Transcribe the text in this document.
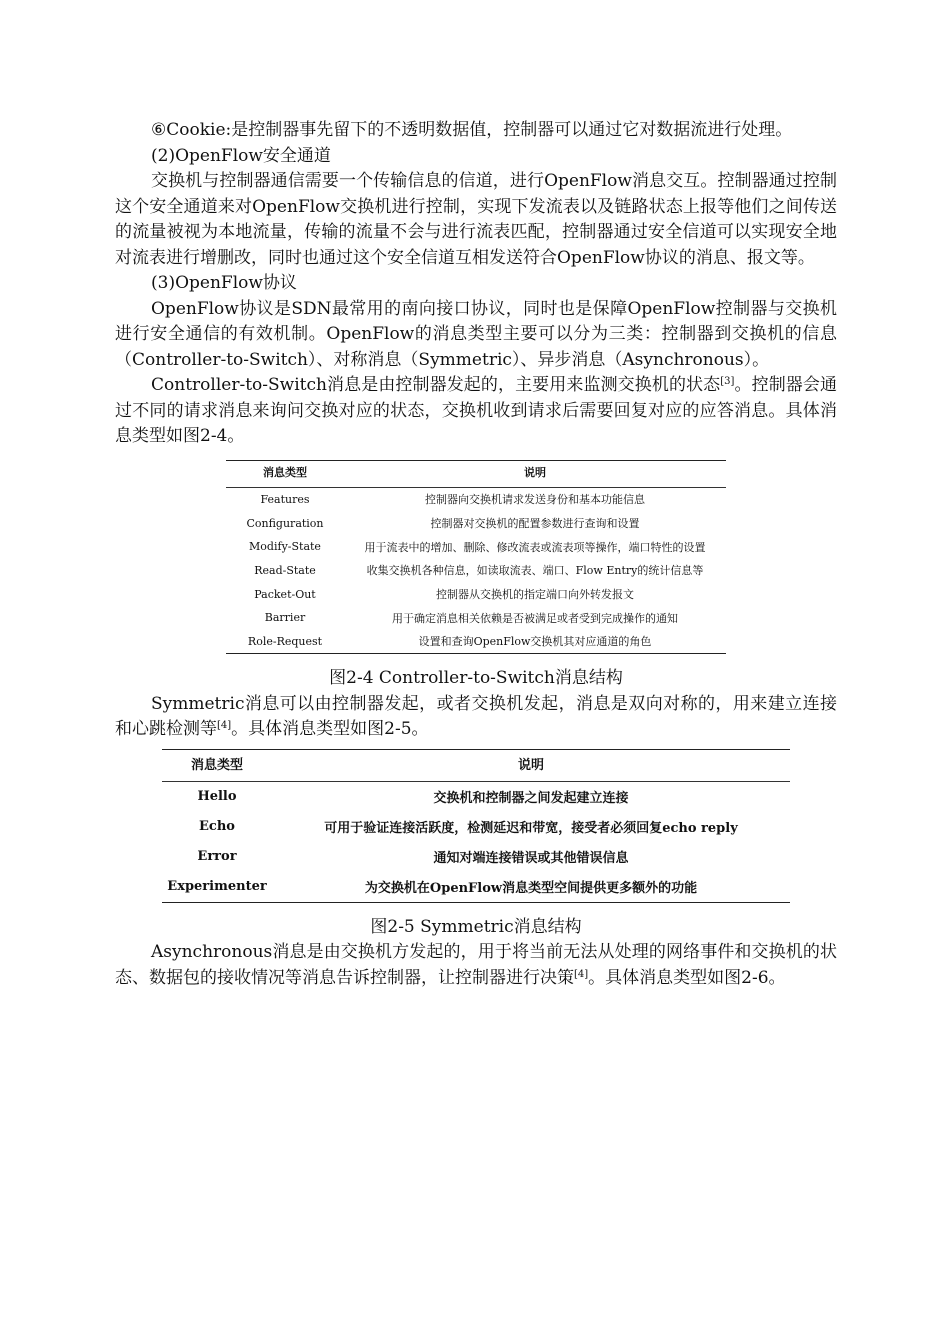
⑥Cookie:是控制器事先留下的不透明数据值，控制器可以通过它对数据流进行处理。

(2)OpenFlow安全通道

交换机与控制器通信需要一个传输信息的信道，进行OpenFlow消息交互。控制器通过控制这个安全通道来对OpenFlow交换机进行控制，实现下发流表以及链路状态上报等他们之间传送的流量被视为本地流量，传输的流量不会与进行流表匹配，控制器通过安全信道可以实现安全地对流表进行增删改，同时也通过这个安全信道互相发送符合OpenFlow协议的消息、报文等。

(3)OpenFlow协议

OpenFlow协议是SDN最常用的南向接口协议，同时也是保障OpenFlow控制器与交换机进行安全通信的有效机制。OpenFlow的消息类型主要可以分为三类：控制器到交换机的信息（Controller-to-Switch）、对称消息（Symmetric）、异步消息（Asynchronous）。

Controller-to-Switch消息是由控制器发起的，主要用来监测交换机的状态[3]。控制器会通过不同的请求消息来询问交换对应的状态，交换机收到请求后需要回复对应的应答消息。具体消息类型如图2-4。

消息类型	说明
Features	控制器向交换机请求发送身份和基本功能信息
Configuration	控制器对交换机的配置参数进行查询和设置
Modify-State	用于流表中的增加、删除、修改流表或流表项等操作，端口特性的设置
Read-State	收集交换机各种信息，如读取流表、端口、Flow Entry的统计信息等
Packet-Out	控制器从交换机的指定端口向外转发报文
Barrier	用于确定消息相关依赖是否被满足或者受到完成操作的通知
Role-Request	设置和查询OpenFlow交换机其对应通道的角色

图2-4 Controller-to-Switch消息结构

Symmetric消息可以由控制器发起，或者交换机发起，消息是双向对称的，用来建立连接和心跳检测等[4]。具体消息类型如图2-5。

消息类型	说明
Hello	交换机和控制器之间发起建立连接
Echo	可用于验证连接活跃度，检测延迟和带宽，接受者必须回复echo reply
Error	通知对端连接错误或其他错误信息
Experimenter	为交换机在OpenFlow消息类型空间提供更多额外的功能

图2-5 Symmetric消息结构

Asynchronous消息是由交换机方发起的，用于将当前无法从处理的网络事件和交换机的状态、数据包的接收情况等消息告诉控制器，让控制器进行决策[4]。具体消息类型如图2-6。
